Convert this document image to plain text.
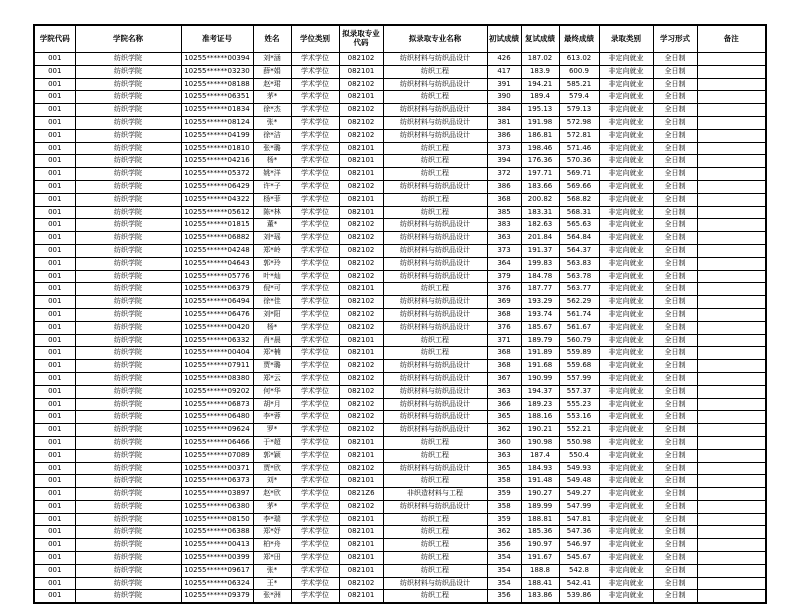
学院代码	学院名称	准考证号	姓名	学位类别	拟录取专业代码	拟录取专业名称	初试成绩	复试成绩	最终成绩	录取类别	学习形式	备注
001	纺织学院	10255******00394	刘*涵	学术学位	082102	纺织材料与纺织品设计	426	187.02	613.02	非定向就业	全日制	
001	纺织学院	10255******03230	薛*娟	学术学位	082101	纺织工程	417	183.9	600.9	非定向就业	全日制	
001	纺织学院	10255******08188	赵*珺	学术学位	082102	纺织材料与纺织品设计	391	194.21	585.21	非定向就业	全日制	
001	纺织学院	10255******06351	茅*	学术学位	082101	纺织工程	390	189.4	579.4	非定向就业	全日制	
001	纺织学院	10255******01834	徐*杰	学术学位	082102	纺织材料与纺织品设计	384	195.13	579.13	非定向就业	全日制	
001	纺织学院	10255******08124	张*	学术学位	082102	纺织材料与纺织品设计	381	191.98	572.98	非定向就业	全日制	
001	纺织学院	10255******04199	徐*洁	学术学位	082102	纺织材料与纺织品设计	386	186.81	572.81	非定向就业	全日制	
001	纺织学院	10255******01810	张*璐	学术学位	082101	纺织工程	373	198.46	571.46	非定向就业	全日制	
001	纺织学院	10255******04216	杨*	学术学位	082101	纺织工程	394	176.36	570.36	非定向就业	全日制	
001	纺织学院	10255******05372	姚*洋	学术学位	082101	纺织工程	372	197.71	569.71	非定向就业	全日制	
001	纺织学院	10255******06429	许*子	学术学位	082102	纺织材料与纺织品设计	386	183.66	569.66	非定向就业	全日制	
001	纺织学院	10255******04322	杨*菲	学术学位	082101	纺织工程	368	200.82	568.82	非定向就业	全日制	
001	纺织学院	10255******05612	陈*林	学术学位	082101	纺织工程	385	183.31	568.31	非定向就业	全日制	
001	纺织学院	10255******01815	董*	学术学位	082102	纺织材料与纺织品设计	383	182.63	565.63	非定向就业	全日制	
001	纺织学院	10255******06882	刘*瑶	学术学位	082102	纺织材料与纺织品设计	363	201.84	564.84	非定向就业	全日制	
001	纺织学院	10255******04248	郑*岭	学术学位	082102	纺织材料与纺织品设计	373	191.37	564.37	非定向就业	全日制	
001	纺织学院	10255******04643	郭*玲	学术学位	082102	纺织材料与纺织品设计	364	199.83	563.83	非定向就业	全日制	
001	纺织学院	10255******05776	叶*灿	学术学位	082102	纺织材料与纺织品设计	379	184.78	563.78	非定向就业	全日制	
001	纺织学院	10255******06379	倪*可	学术学位	082101	纺织工程	376	187.77	563.77	非定向就业	全日制	
001	纺织学院	10255******06494	徐*佳	学术学位	082102	纺织材料与纺织品设计	369	193.29	562.29	非定向就业	全日制	
001	纺织学院	10255******06476	刘*阳	学术学位	082102	纺织材料与纺织品设计	368	193.74	561.74	非定向就业	全日制	
001	纺织学院	10255******00420	杨*	学术学位	082102	纺织材料与纺织品设计	376	185.67	561.67	非定向就业	全日制	
001	纺织学院	10255******06332	肖*晨	学术学位	082101	纺织工程	371	189.79	560.79	非定向就业	全日制	
001	纺织学院	10255******00404	郑*楠	学术学位	082101	纺织工程	368	191.89	559.89	非定向就业	全日制	
001	纺织学院	10255******07911	贾*璐	学术学位	082102	纺织材料与纺织品设计	368	191.68	559.68	非定向就业	全日制	
001	纺织学院	10255******08380	郑*云	学术学位	082102	纺织材料与纺织品设计	367	190.99	557.99	非定向就业	全日制	
001	纺织学院	10255******09202	何*华	学术学位	082102	纺织材料与纺织品设计	363	194.37	557.37	非定向就业	全日制	
001	纺织学院	10255******06873	胡*月	学术学位	082102	纺织材料与纺织品设计	366	189.23	555.23	非定向就业	全日制	
001	纺织学院	10255******06480	李*蓉	学术学位	082102	纺织材料与纺织品设计	365	188.16	553.16	非定向就业	全日制	
001	纺织学院	10255******09624	罗*	学术学位	082102	纺织材料与纺织品设计	362	190.21	552.21	非定向就业	全日制	
001	纺织学院	10255******06466	于*超	学术学位	082101	纺织工程	360	190.98	550.98	非定向就业	全日制	
001	纺织学院	10255******07089	郭*颖	学术学位	082101	纺织工程	363	187.4	550.4	非定向就业	全日制	
001	纺织学院	10255******00371	贾*欣	学术学位	082102	纺织材料与纺织品设计	365	184.93	549.93	非定向就业	全日制	
001	纺织学院	10255******06373	刘*	学术学位	082101	纺织工程	358	191.48	549.48	非定向就业	全日制	
001	纺织学院	10255******03897	赵*欣	学术学位	0821Z6	非织造材料与工程	359	190.27	549.27	非定向就业	全日制	
001	纺织学院	10255******06380	茅*	学术学位	082102	纺织材料与纺织品设计	358	189.99	547.99	非定向就业	全日制	
001	纺织学院	10255******08150	李*瑞	学术学位	082101	纺织工程	359	188.81	547.81	非定向就业	全日制	
001	纺织学院	10255******06388	郑*妤	学术学位	082101	纺织工程	362	185.36	547.36	非定向就业	全日制	
001	纺织学院	10255******00413	柏*舟	学术学位	082101	纺织工程	356	190.97	546.97	非定向就业	全日制	
001	纺织学院	10255******00399	郑*田	学术学位	082101	纺织工程	354	191.67	545.67	非定向就业	全日制	
001	纺织学院	10255******09617	张*	学术学位	082101	纺织工程	354	188.8	542.8	非定向就业	全日制	
001	纺织学院	10255******06324	王*	学术学位	082102	纺织材料与纺织品设计	354	188.41	542.41	非定向就业	全日制	
001	纺织学院	10255******09379	张*洲	学术学位	082101	纺织工程	356	183.86	539.86	非定向就业	全日制	
